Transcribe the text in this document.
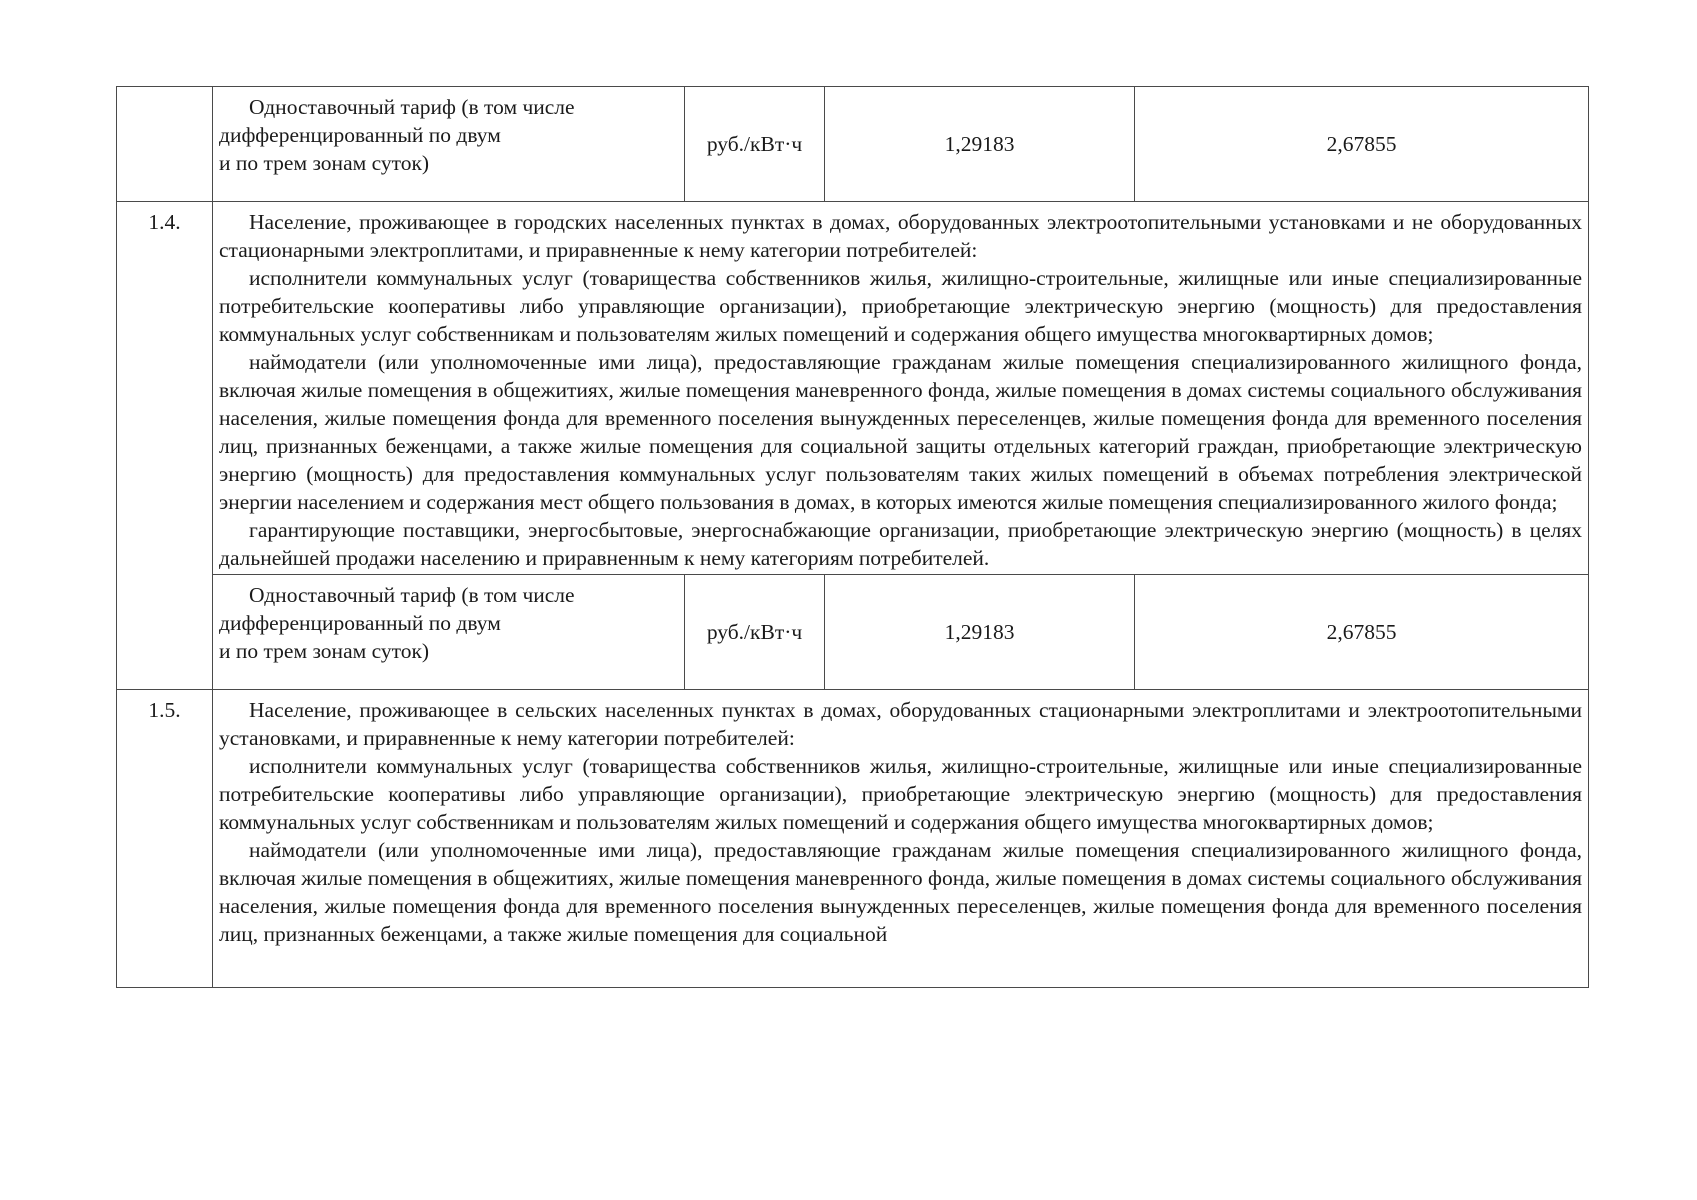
	Одноставочный тариф (в том числе
дифференцированный по двум
и по трем зонам суток)	руб./кВт·ч	1,29183	2,67855
1.4.	Население, проживающее в городских населенных пунктах в домах, оборудованных электроотопительными установками и не оборудованных стационарными электроплитами, и приравненные к нему категории потребителей:

исполнители коммунальных услуг (товарищества собственников жилья, жилищно-строительные, жилищные или иные специализированные потребительские кооперативы либо управляющие организации), приобретающие электрическую энергию (мощность) для предоставления коммунальных услуг собственникам и пользователям жилых помещений и содержания общего имущества многоквартирных домов;

наймодатели (или уполномоченные ими лица), предоставляющие гражданам жилые помещения специализированного жилищного фонда, включая жилые помещения в общежитиях, жилые помещения маневренного фонда, жилые помещения в домах системы социального обслуживания населения, жилые помещения фонда для временного поселения вынужденных переселенцев, жилые помещения фонда для временного поселения лиц, признанных беженцами, а также жилые помещения для социальной защиты отдельных категорий граждан, приобретающие электрическую энергию (мощность) для предоставления коммунальных услуг пользователям таких жилых помещений в объемах потребления электрической энергии населением и содержания мест общего пользования в домах, в которых имеются жилые помещения специализированного жилого фонда;

гарантирующие поставщики, энергосбытовые, энергоснабжающие организации, приобретающие электрическую энергию (мощность) в целях дальнейшей продажи населению и приравненным к нему категориям потребителей.			

	Одноставочный тариф (в том числе
дифференцированный по двум
и по трем зонам суток)	руб./кВт·ч	1,29183	2,67855
1.5.	Население, проживающее в сельских населенных пунктах в домах, оборудованных стационарными электроплитами и электроотопительными установками, и приравненные к нему категории потребителей:

исполнители коммунальных услуг (товарищества собственников жилья, жилищно-строительные, жилищные или иные специализированные потребительские кооперативы либо управляющие организации), приобретающие электрическую энергию (мощность) для предоставления коммунальных услуг собственникам и пользователям жилых помещений и содержания общего имущества многоквартирных домов;

наймодатели (или уполномоченные ими лица), предоставляющие гражданам жилые помещения специализированного жилищного фонда, включая жилые помещения в общежитиях, жилые помещения маневренного фонда, жилые помещения в домах системы социального обслуживания населения, жилые помещения фонда для временного поселения вынужденных переселенцев, жилые помещения фонда для временного поселения лиц, признанных беженцами, а также жилые помещения для социальной			
